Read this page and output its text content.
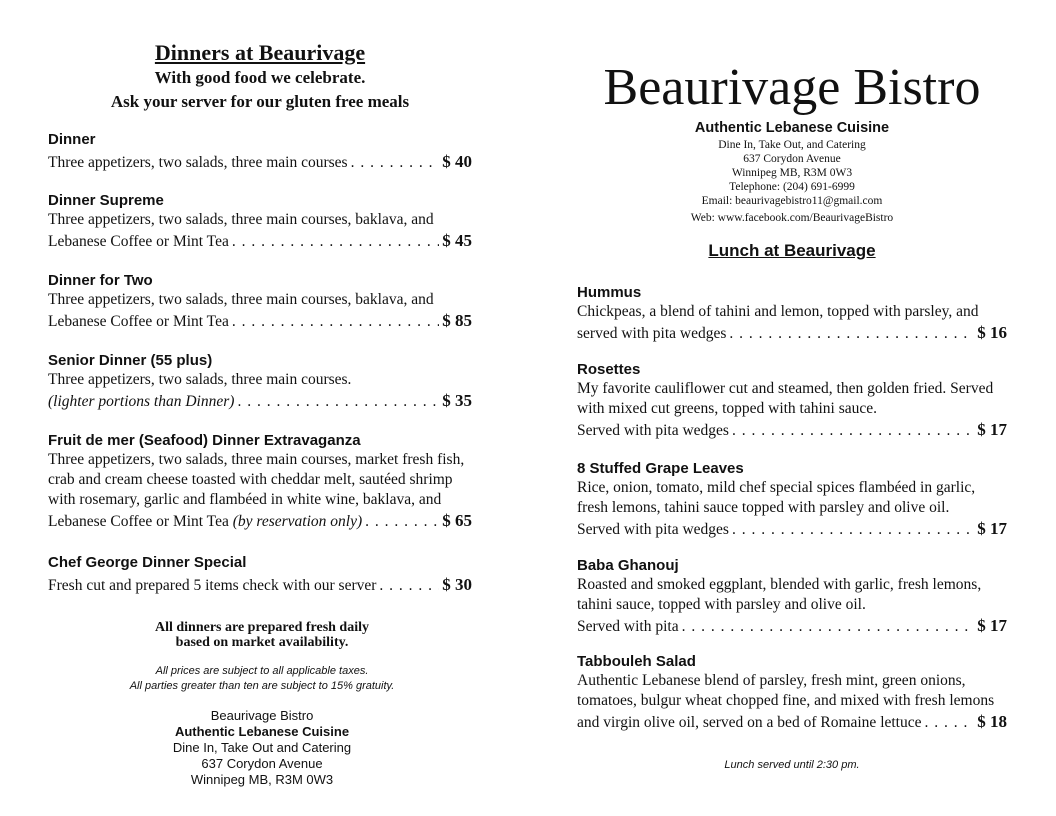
Dinners at Beaurivage
With good food we celebrate.
Ask your server for our gluten free meals
Dinner
Three appetizers, two salads, three main courses . . .	$ 40
Dinner Supreme
Three appetizers, two salads, three main courses, baklava, and
Lebanese Coffee or Mint Tea . . .	$ 45
Dinner for Two
Three appetizers, two salads, three main courses, baklava, and
Lebanese Coffee or Mint Tea . . .	$ 85
Senior Dinner (55 plus)
Three appetizers, two salads, three main courses.
(lighter portions than Dinner) . . .	$ 35
Fruit de mer (Seafood) Dinner Extravaganza
Three appetizers, two salads, three main courses, market fresh fish,
crab and cream cheese toasted with cheddar melt, sautéed shrimp
with rosemary, garlic and flambéed in white wine, baklava, and
Lebanese Coffee or Mint Tea
(by reservation only) . . .	$ 65
Chef George Dinner Special
Fresh cut and prepared 5 items check with our server . . .	$ 30
All dinners are prepared fresh daily
based on market availability.
All prices are subject to all applicable taxes.
All parties greater than ten are subject to 15% gratuity.
Beaurivage Bistro
Authentic Lebanese Cuisine
Dine In, Take Out and Catering
637 Corydon Avenue
Winnipeg MB, R3M 0W3
Beaurivage Bistro
Authentic Lebanese Cuisine
Dine In, Take Out, and Catering
637 Corydon Avenue
Winnipeg MB, R3M 0W3
Telephone: (204) 691-6999
Email: beaurivagebistro11@gmail.com
Web: www.facebook.com/BeaurivageBistro
Lunch at Beaurivage
Hummus
Chickpeas, a blend of tahini and lemon, topped with parsley, and
served with pita wedges . . .	$ 16
Rosettes
My favorite cauliflower cut and steamed, then golden fried. Served
with mixed cut greens, topped with tahini sauce.
Served with pita wedges . . .	$ 17
8 Stuffed Grape Leaves
Rice, onion, tomato, mild chef special spices flambéed in garlic,
fresh lemons, tahini sauce topped with parsley and olive oil.
Served with pita wedges . . .	$ 17
Baba Ghanouj
Roasted and smoked eggplant, blended with garlic, fresh lemons,
tahini sauce, topped with parsley and olive oil.
Served with pita . . .	$ 17
Tabbouleh Salad
Authentic Lebanese blend of parsley, fresh mint, green onions,
tomatoes, bulgur wheat chopped fine, and mixed with fresh lemons
and virgin olive oil, served on a bed of Romaine lettuce . . .	$ 18
Lunch served until 2:30 pm.
